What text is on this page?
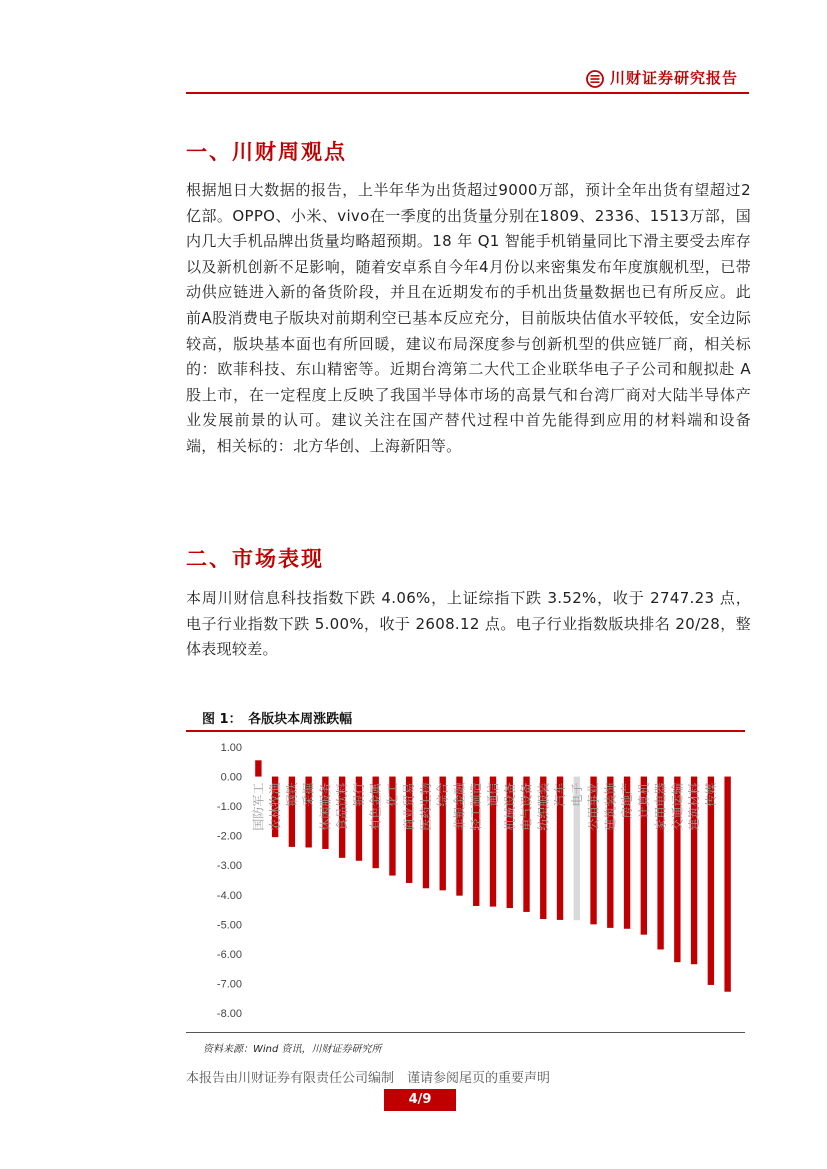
川财证券研究报告
一、川财周观点
根据旭日大数据的报告，上半年华为出货超过9000万部，预计全年出货有望超过2亿部。OPPO、小米、vivo在一季度的出货量分别在1809、2336、1513万部，国内几大手机品牌出货量均略超预期。18 年 Q1 智能手机销量同比下滑主要受去库存以及新机创新不足影响，随着安卓系自今年4月份以来密集发布年度旗舰机型，已带动供应链进入新的备货阶段，并且在近期发布的手机出货量数据也已有所反应。此前A股消费电子版块对前期利空已基本反应充分，目前版块估值水平较低，安全边际较高，版块基本面也有所回暖，建议布局深度参与创新机型的供应链厂商，相关标的：欧菲科技、东山精密等。近期台湾第二大代工企业联华电子子公司和舰拟赴 A 股上市，在一定程度上反映了我国半导体市场的高景气和台湾厂商对大陆半导体产业发展前景的认可。建议关注在国产替代过程中首先能得到应用的材料端和设备端，相关标的：北方华创、上海新阳等。
二、市场表现
本周川财信息科技指数下跌 4.06%，上证综指下跌 3.52%，收于 2747.23 点，电子行业指数下跌 5.00%，收于 2608.12 点。电子行业指数版块排名 20/28，整体表现较差。
图 1：　各版块本周涨跌幅
1.00
0.00
-1.00
-2.00
-3.00
-4.00
-5.00
-6.00
-7.00
-8.00
国防军工 农林牧渔 钢铁 采掘 休闲服务 食品饮料 银行 有色金属 化工 商业贸易 医药生物 综合 非银金融 轻工制造 通信 机械设备 电气设备 纺织服装 汽车 电子 公用事业 建筑装饰 房地产 计算机 家用电器 交通运输 建筑材料 传媒
资料来源：Wind 资讯，川财证券研究所
本报告由川财证券有限责任公司编制　谨请参阅尾页的重要声明
4/9
